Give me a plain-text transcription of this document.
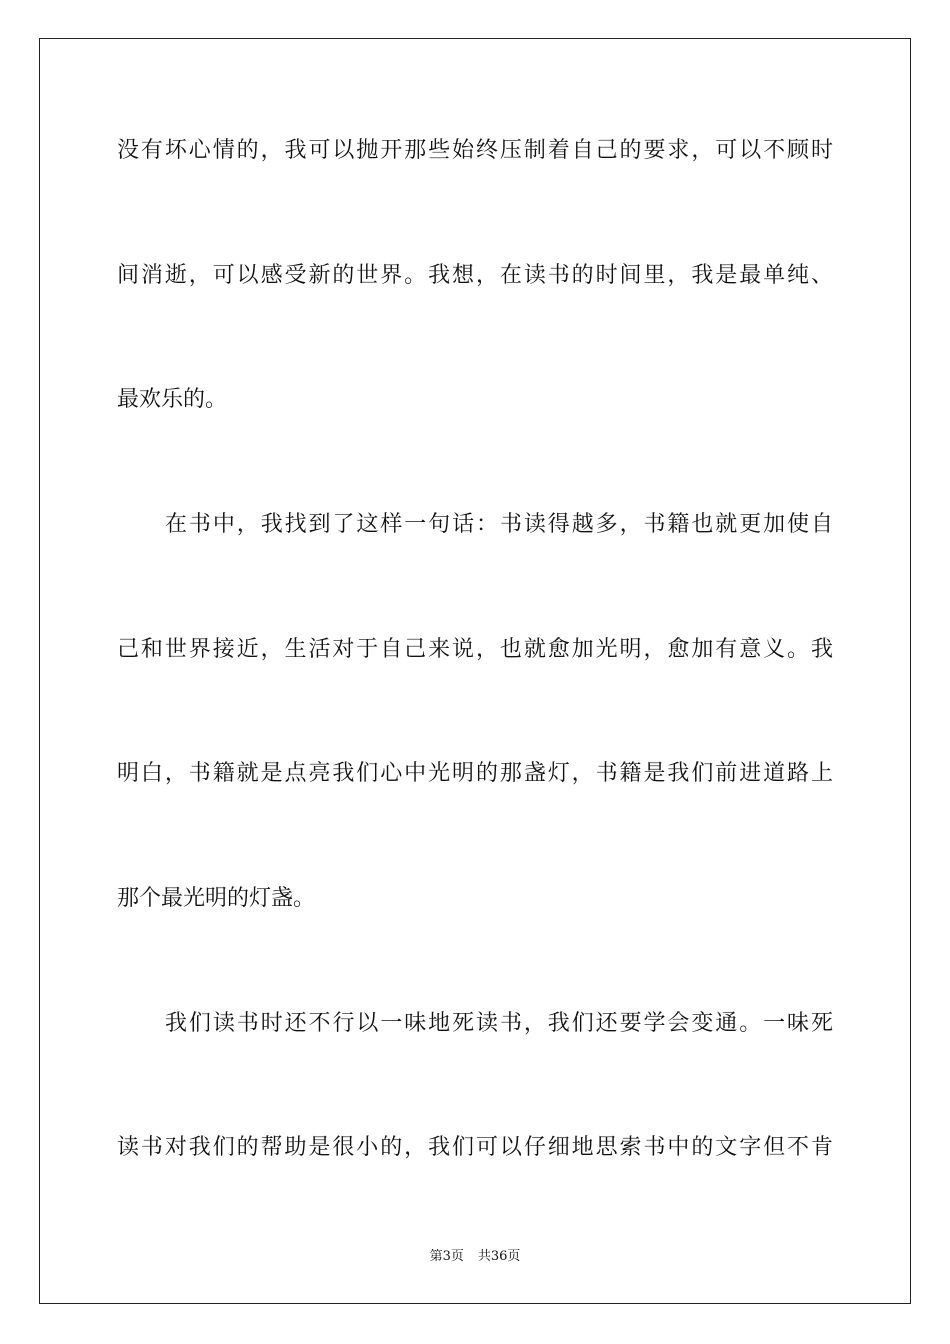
没有坏心情的，我可以抛开那些始终压制着自己的要求，可以不顾时
间消逝，可以感受新的世界。我想，在读书的时间里，我是最单纯、
最欢乐的。
在书中，我找到了这样一句话：书读得越多，书籍也就更加使自
己和世界接近，生活对于自己来说，也就愈加光明，愈加有意义。我
明白，书籍就是点亮我们心中光明的那盏灯，书籍是我们前进道路上
那个最光明的灯盏。
我们读书时还不行以一味地死读书，我们还要学会变通。一味死
读书对我们的帮助是很小的，我们可以仔细地思索书中的文字但不肯
第3页 共36页
